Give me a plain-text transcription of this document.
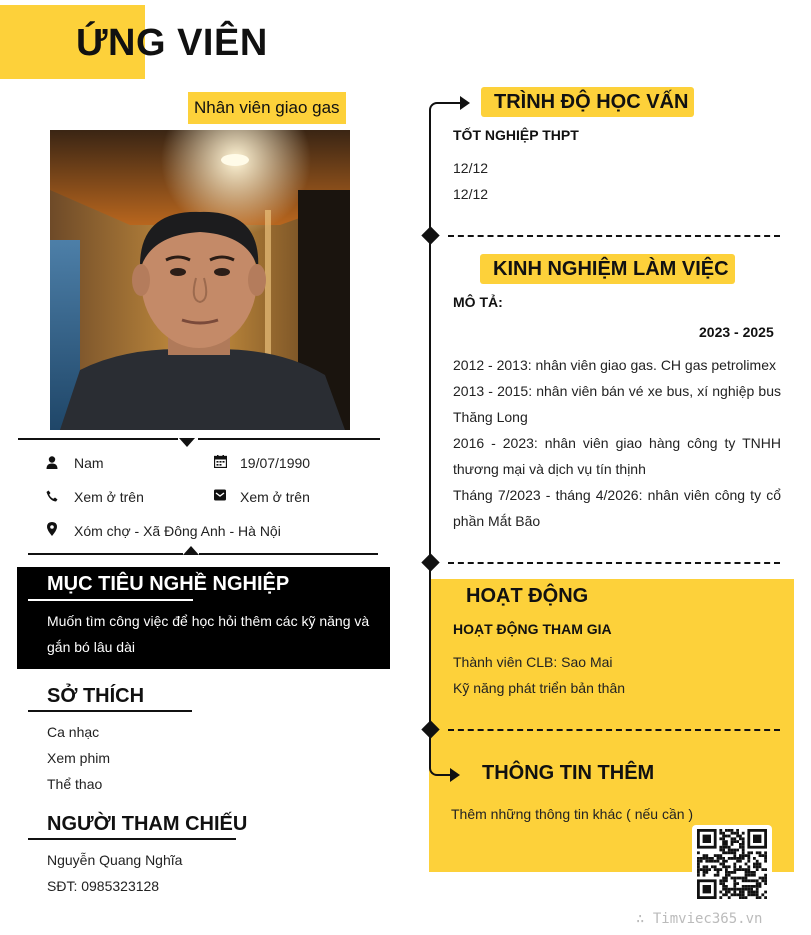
ỨNG VIÊN
Nhân viên giao gas
Nam	19/07/1990
Xem ở trên	Xem ở trên
Xóm chợ - Xã Đông Anh - Hà Nội
MỤC TIÊU NGHỀ NGHIỆP
Muốn tìm công việc để học hỏi thêm các kỹ năng và gắn bó lâu dài
SỞ THÍCH
Ca nhạc
Xem phim
Thể thao
NGƯỜI THAM CHIẾU
Nguyễn Quang Nghĩa
SĐT: 0985323128
TRÌNH ĐỘ HỌC VẤN
TỐT NGHIỆP THPT
12/12
12/12
KINH NGHIỆM LÀM VIỆC
MÔ TẢ:
2023 - 2025
2012 - 2013: nhân viên giao gas. CH gas petrolimex
2013 - 2015: nhân viên bán vé xe bus, xí nghiệp bus Thăng Long
2016 - 2023: nhân viên giao hàng công ty TNHH thương mại và dịch vụ tín thịnh
Tháng 7/2023 - tháng 4/2026: nhân viên công ty cổ phần Mắt Bão
HOẠT ĐỘNG
HOẠT ĐỘNG THAM GIA
Thành viên CLB: Sao Mai
Kỹ năng phát triển bản thân
THÔNG TIN THÊM
Thêm những thông tin khác ( nếu cần )
∴ Timviec365.vn
